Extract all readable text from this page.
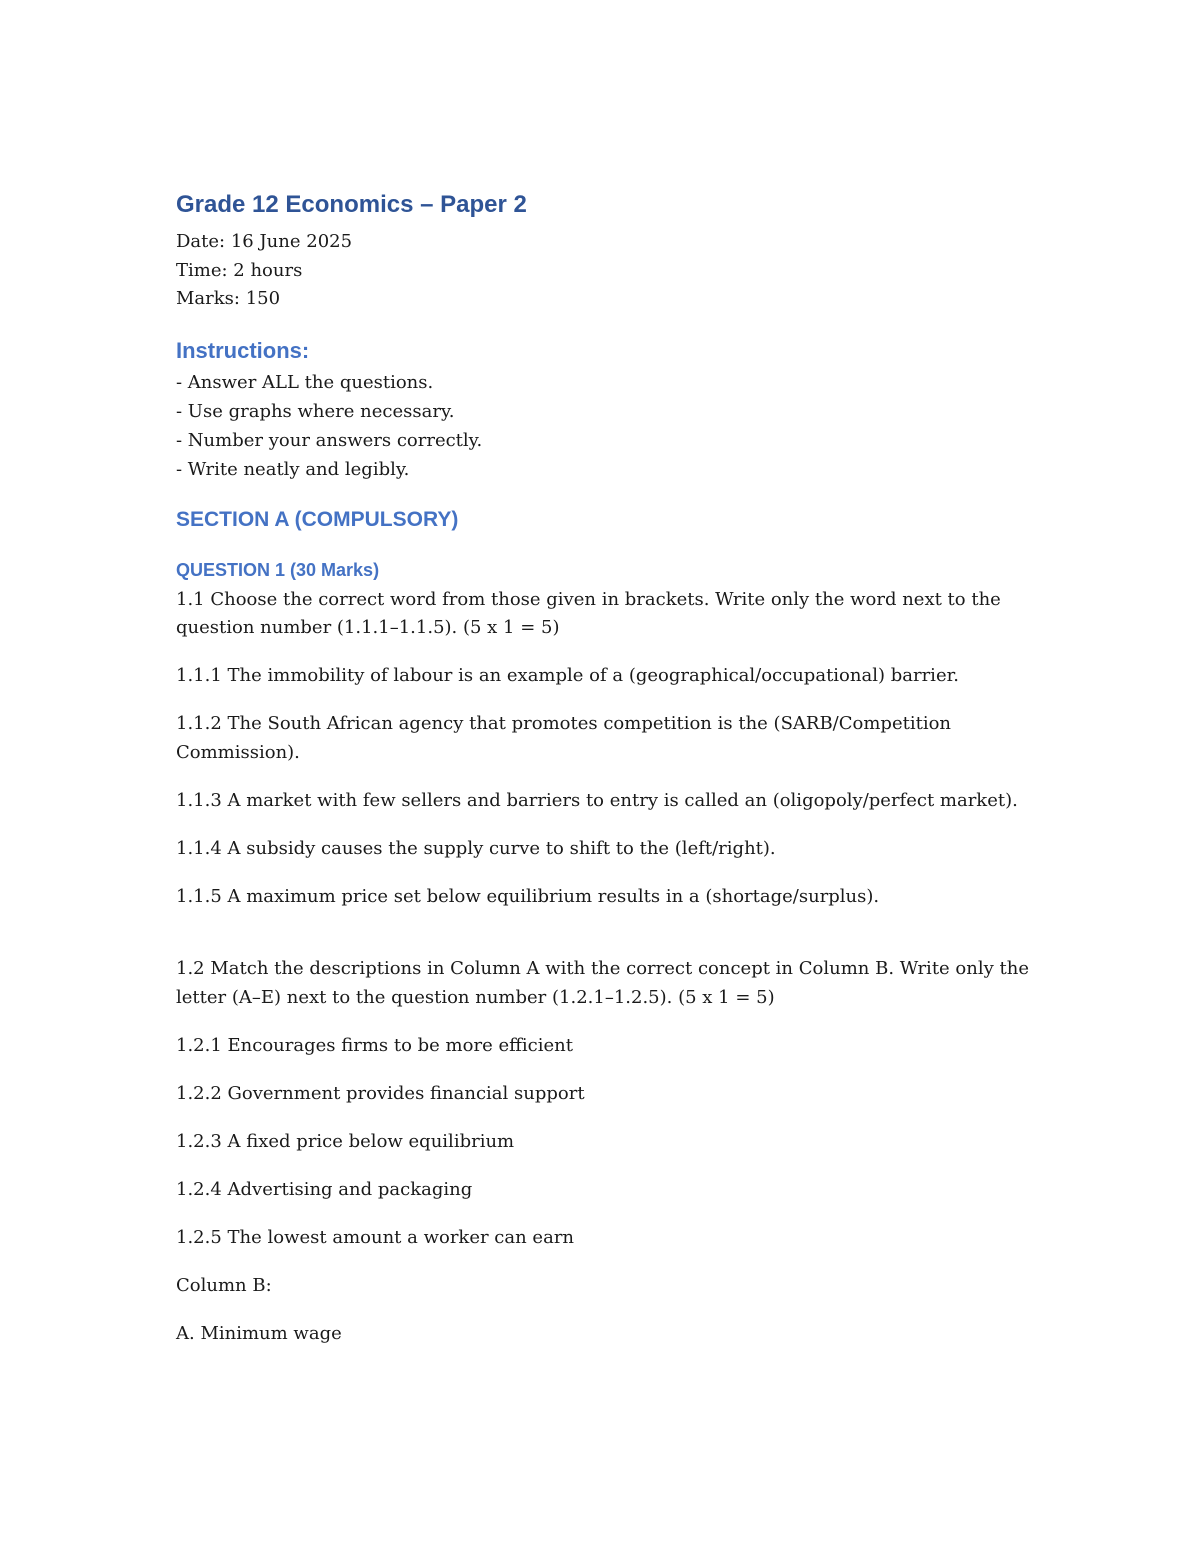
Grade 12 Economics – Paper 2

Date: 16 June 2025

Time: 2 hours

Marks: 150

Instructions:

- Answer ALL the questions.

- Use graphs where necessary.

- Number your answers correctly.

- Write neatly and legibly.

SECTION A (COMPULSORY)
QUESTION 1 (30 Marks)

1.1 Choose the correct word from those given in brackets. Write only the word next to the question number (1.1.1–1.1.5). (5 x 1 = 5)

1.1.1 The immobility of labour is an example of a (geographical/occupational) barrier.

1.1.2 The South African agency that promotes competition is the (SARB/Competition Commission).

1.1.3 A market with few sellers and barriers to entry is called an (oligopoly/perfect market).

1.1.4 A subsidy causes the supply curve to shift to the (left/right).

1.1.5 A maximum price set below equilibrium results in a (shortage/surplus).

1.2 Match the descriptions in Column A with the correct concept in Column B. Write only the letter (A–E) next to the question number (1.2.1–1.2.5). (5 x 1 = 5)

1.2.1 Encourages firms to be more efficient

1.2.2 Government provides financial support

1.2.3 A fixed price below equilibrium

1.2.4 Advertising and packaging

1.2.5 The lowest amount a worker can earn

Column B:

A. Minimum wage
